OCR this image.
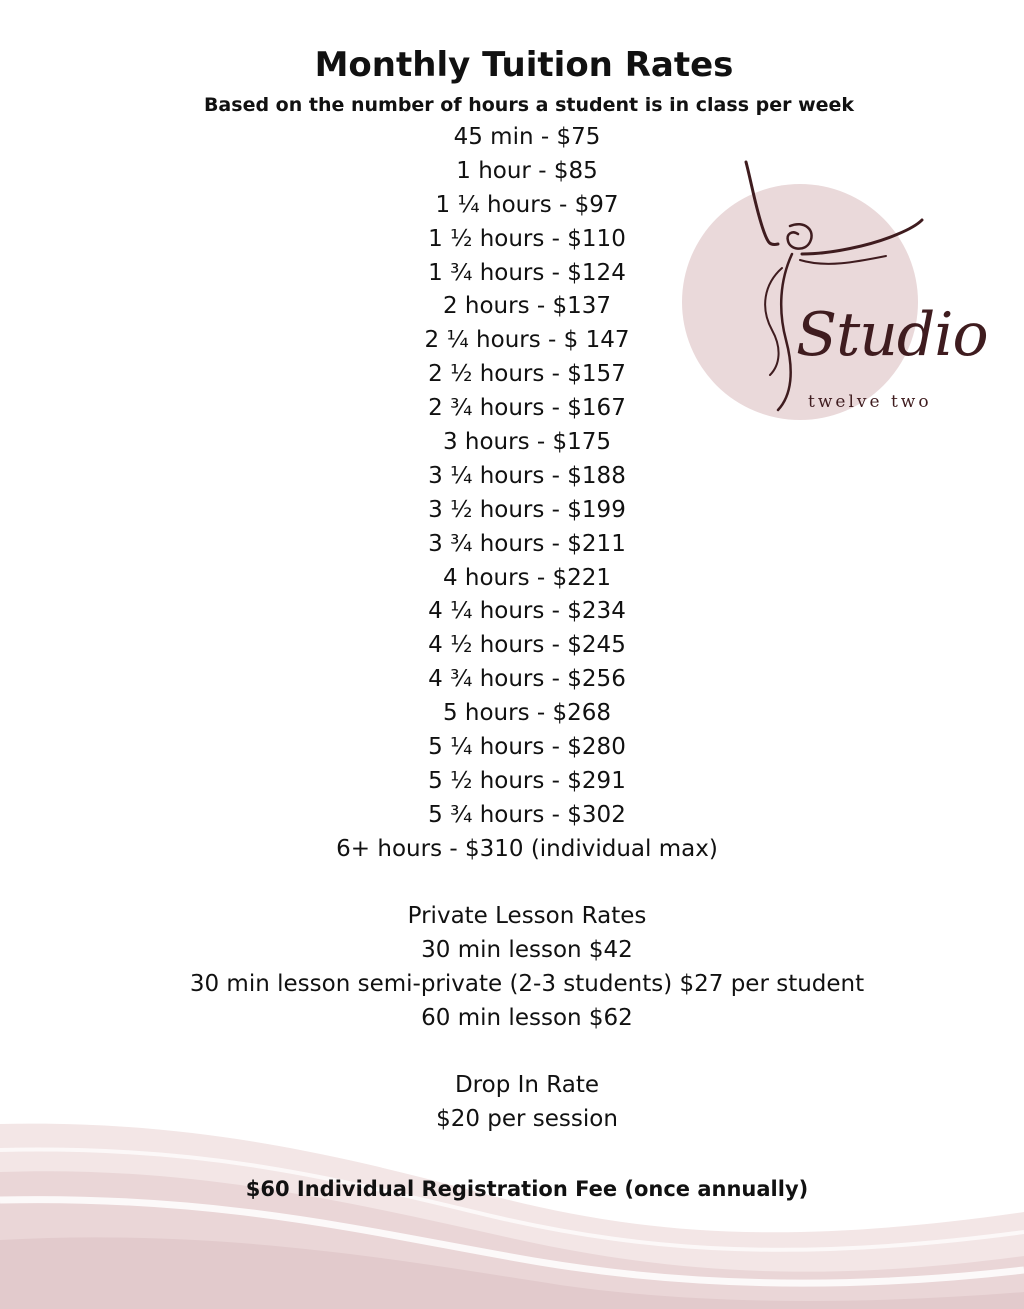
Studio
twelve two
Monthly Tuition Rates
Based on the number of hours a student is in class per week
45 min - $75
1 hour - $85
1 ¼ hours - $97
1 ½ hours - $110
1 ¾ hours - $124
2 hours - $137
2 ¼ hours - $ 147
2 ½ hours - $157
2 ¾ hours - $167
3 hours - $175
3 ¼ hours - $188
3 ½ hours - $199
3 ¾ hours - $211
4 hours - $221
4 ¼ hours - $234
4 ½ hours - $245
4 ¾ hours - $256
5 hours - $268
5 ¼ hours - $280
5 ½ hours - $291
5 ¾ hours - $302
6+ hours - $310 (individual max)
Private Lesson Rates
30 min lesson $42
30 min lesson semi-private (2-3 students) $27 per student
60 min lesson $62
Drop In Rate
$20 per session
$60 Individual Registration Fee (once annually)
